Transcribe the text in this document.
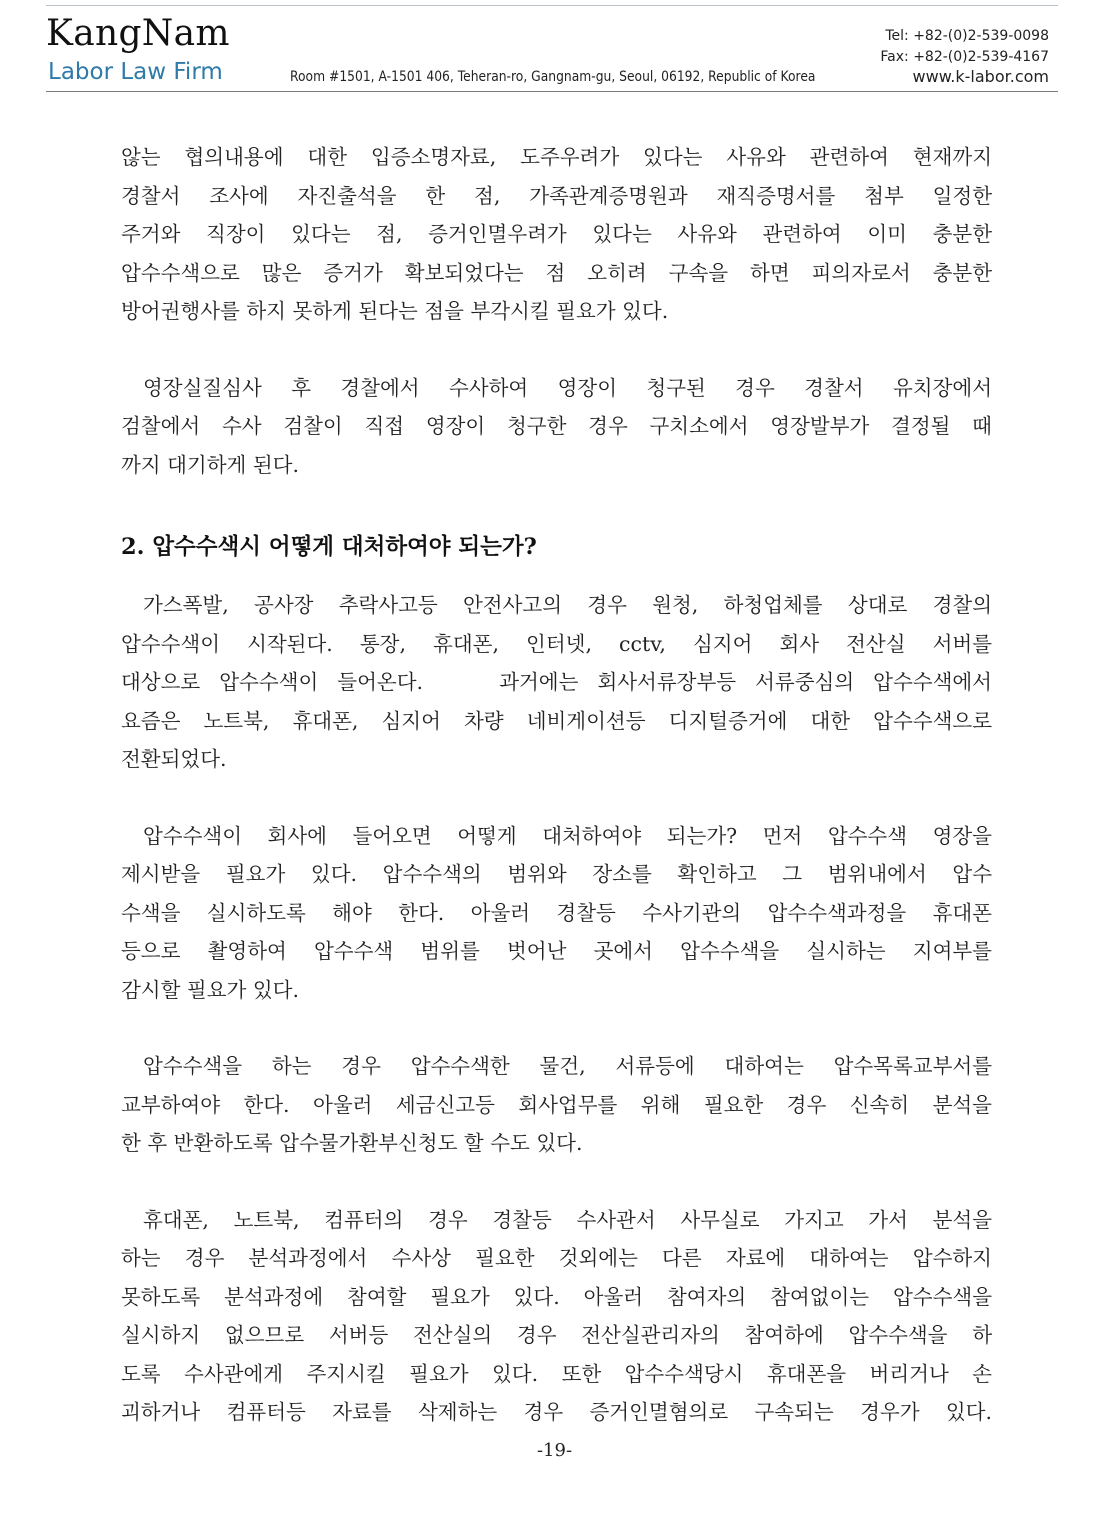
KangNam
Labor Law Firm	Room #1501, A-1501 406, Teheran-ro, Gangnam-gu, Seoul, 06192, Republic of Korea
Tel: +82-(0)2-539-0098
Fax: +82-(0)2-539-4167
www.k-labor.com

않는 협의내용에 대한 입증소명자료, 도주우려가 있다는 사유와 관련하여 현재까지
경찰서 조사에 자진출석을 한 점, 가족관계증명원과 재직증명서를 첨부 일정한
주거와 직장이 있다는 점, 증거인멸우려가 있다는 사유와 관련하여 이미 충분한
압수수색으로 많은 증거가 확보되었다는 점 오히려 구속을 하면 피의자로서 충분한
방어권행사를 하지 못하게 된다는 점을 부각시킬 필요가 있다.

영장실질심사 후 경찰에서 수사하여 영장이 청구된 경우 경찰서 유치장에서
검찰에서 수사 검찰이 직접 영장이 청구한 경우 구치소에서 영장발부가 결정될 때
까지 대기하게 된다.

2. 압수수색시 어떻게 대처하여야 되는가?

가스폭발, 공사장 추락사고등 안전사고의 경우 원청, 하청업체를 상대로 경찰의
압수수색이 시작된다. 통장, 휴대폰, 인터넷, cctv, 심지어 회사 전산실 서버를
대상으로 압수수색이 들어온다.    과거에는 회사서류장부등 서류중심의 압수수색에서
요즘은 노트북, 휴대폰, 심지어 차량 네비게이션등 디지털증거에 대한 압수수색으로
전환되었다.

압수수색이 회사에 들어오면 어떻게 대처하여야 되는가? 먼저 압수수색 영장을
제시받을 필요가 있다. 압수수색의 범위와 장소를 확인하고 그 범위내에서 압수
수색을 실시하도록 해야 한다. 아울러 경찰등 수사기관의 압수수색과정을 휴대폰
등으로 촬영하여 압수수색 범위를 벗어난 곳에서 압수수색을 실시하는 지여부를
감시할 필요가 있다.

압수수색을 하는 경우 압수수색한 물건, 서류등에 대하여는 압수목록교부서를
교부하여야 한다. 아울러 세금신고등 회사업무를 위해 필요한 경우 신속히 분석을
한 후 반환하도록 압수물가환부신청도 할 수도 있다.

휴대폰, 노트북, 컴퓨터의 경우 경찰등 수사관서 사무실로 가지고 가서 분석을
하는 경우 분석과정에서 수사상 필요한 것외에는 다른 자료에 대하여는 압수하지
못하도록 분석과정에 참여할 필요가 있다. 아울러 참여자의 참여없이는 압수수색을
실시하지 없으므로 서버등 전산실의 경우 전산실관리자의 참여하에 압수수색을 하
도록 수사관에게 주지시킬 필요가 있다. 또한 압수수색당시 휴대폰을 버리거나 손
괴하거나 컴퓨터등 자료를 삭제하는 경우 증거인멸혐의로 구속되는 경우가 있다.

-19-
